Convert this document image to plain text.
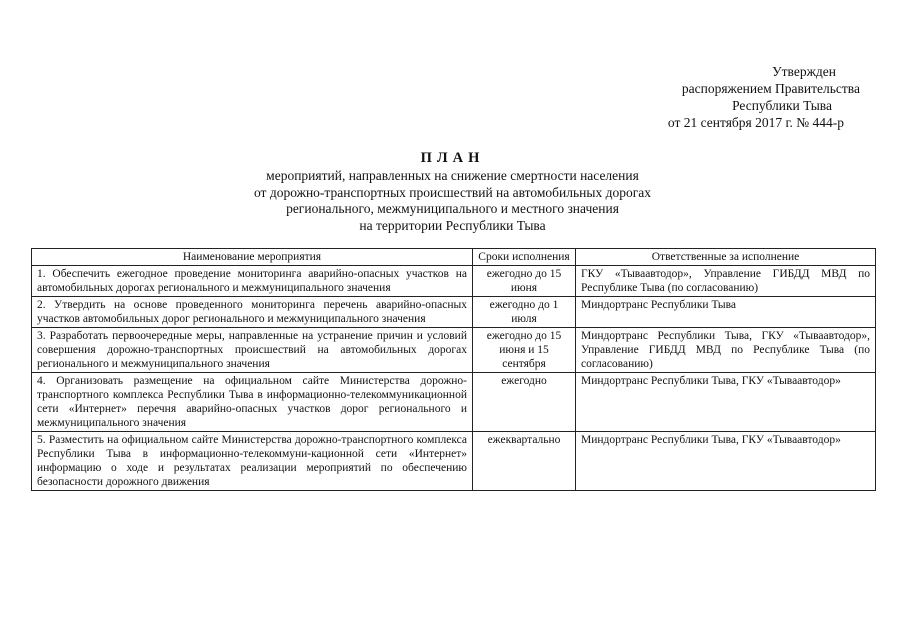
Утвержден
распоряжением Правительства
Республики Тыва
от 21 сентября 2017 г. № 444-р
ПЛАН
мероприятий, направленных на снижение смертности населения
от дорожно-транспортных происшествий на автомобильных дорогах
регионального, межмуниципального и местного значения
на территории Республики Тыва
Наименование мероприятия	Сроки исполнения	Ответственные за исполнение
1. Обеспечить ежегодное проведение мониторинга аварийно-опасных участков на автомобильных дорогах регионального и межмуниципального значения	ежегодно до 15 июня	ГКУ «Тываавтодор», Управление ГИБДД МВД по Республике Тыва (по согласованию)
2. Утвердить на основе проведенного мониторинга перечень аварийно-опасных участков автомобильных дорог регионального и межмуниципального значения	ежегодно до 1 июля	Миндортранс Республики Тыва
3. Разработать первоочередные меры, направленные на устранение причин и условий совершения дорожно-транспортных происшествий на автомобильных дорогах регионального и межмуниципального значения	ежегодно до 15 июня и 15 сентября	Миндортранс Республики Тыва, ГКУ «Тываавтодор», Управление ГИБДД МВД по Республике Тыва (по согласованию)
4. Организовать размещение на официальном сайте Министерства дорожно-транспортного комплекса Республики Тыва в информационно-телекоммуникационной сети «Интернет» перечня аварийно-опасных участков дорог регионального и межмуниципального значения	ежегодно	Миндортранс Республики Тыва, ГКУ «Тываавтодор»
5. Разместить на официальном сайте Министерства дорожно-транспортного комплекса Республики Тыва в информационно-телекоммуни-кационной сети «Интернет» информацию о ходе и результатах реализации мероприятий по обеспечению безопасности дорожного движения	ежеквартально	Миндортранс Республики Тыва, ГКУ «Тываавтодор»
